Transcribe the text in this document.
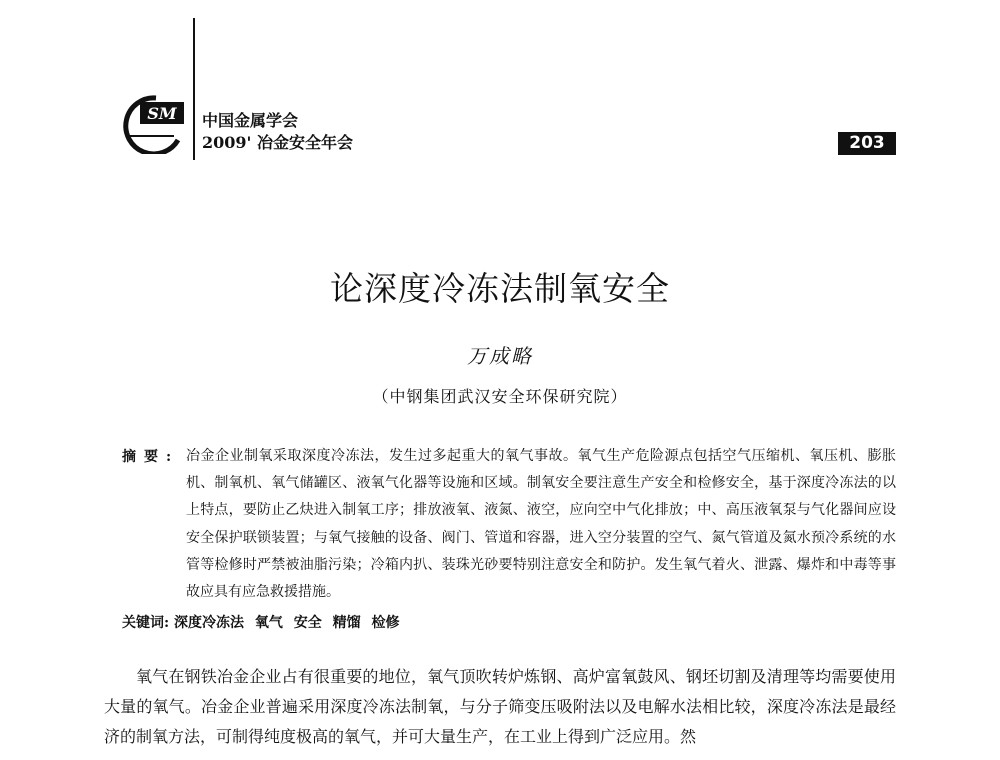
SM 中国金属学会
2009' 冶金安全年会	203
论深度冷冻法制氧安全
万成略
（中钢集团武汉安全环保研究院）
摘要: 冶金企业制氧采取深度冷冻法，发生过多起重大的氧气事故。氧气生产危险源点包括空气压缩机、氧压机、膨胀机、制氧机、氧气储罐区、液氧气化器等设施和区域。制氧安全要注意生产安全和检修安全，基于深度冷冻法的以上特点，要防止乙炔进入制氧工序；排放液氧、液氮、液空，应向空中气化排放；中、高压液氧泵与气化器间应设安全保护联锁装置；与氧气接触的设备、阀门、管道和容器，进入空分装置的空气、氮气管道及氮水预冷系统的水管等检修时严禁被油脂污染；冷箱内扒、装珠光砂要特别注意安全和防护。发生氧气着火、泄露、爆炸和中毒等事故应具有应急救援措施。
关键词: 深度冷冻法 氧气 安全 精馏 检修
氧气在钢铁冶金企业占有很重要的地位，氧气顶吹转炉炼钢、高炉富氧鼓风、钢坯切割及清理等均需要使用大量的氧气。冶金企业普遍采用深度冷冻法制氧，与分子筛变压吸附法以及电解水法相比较，深度冷冻法是最经济的制氧方法，可制得纯度极高的氧气，并可大量生产，在工业上得到广泛应用。然
